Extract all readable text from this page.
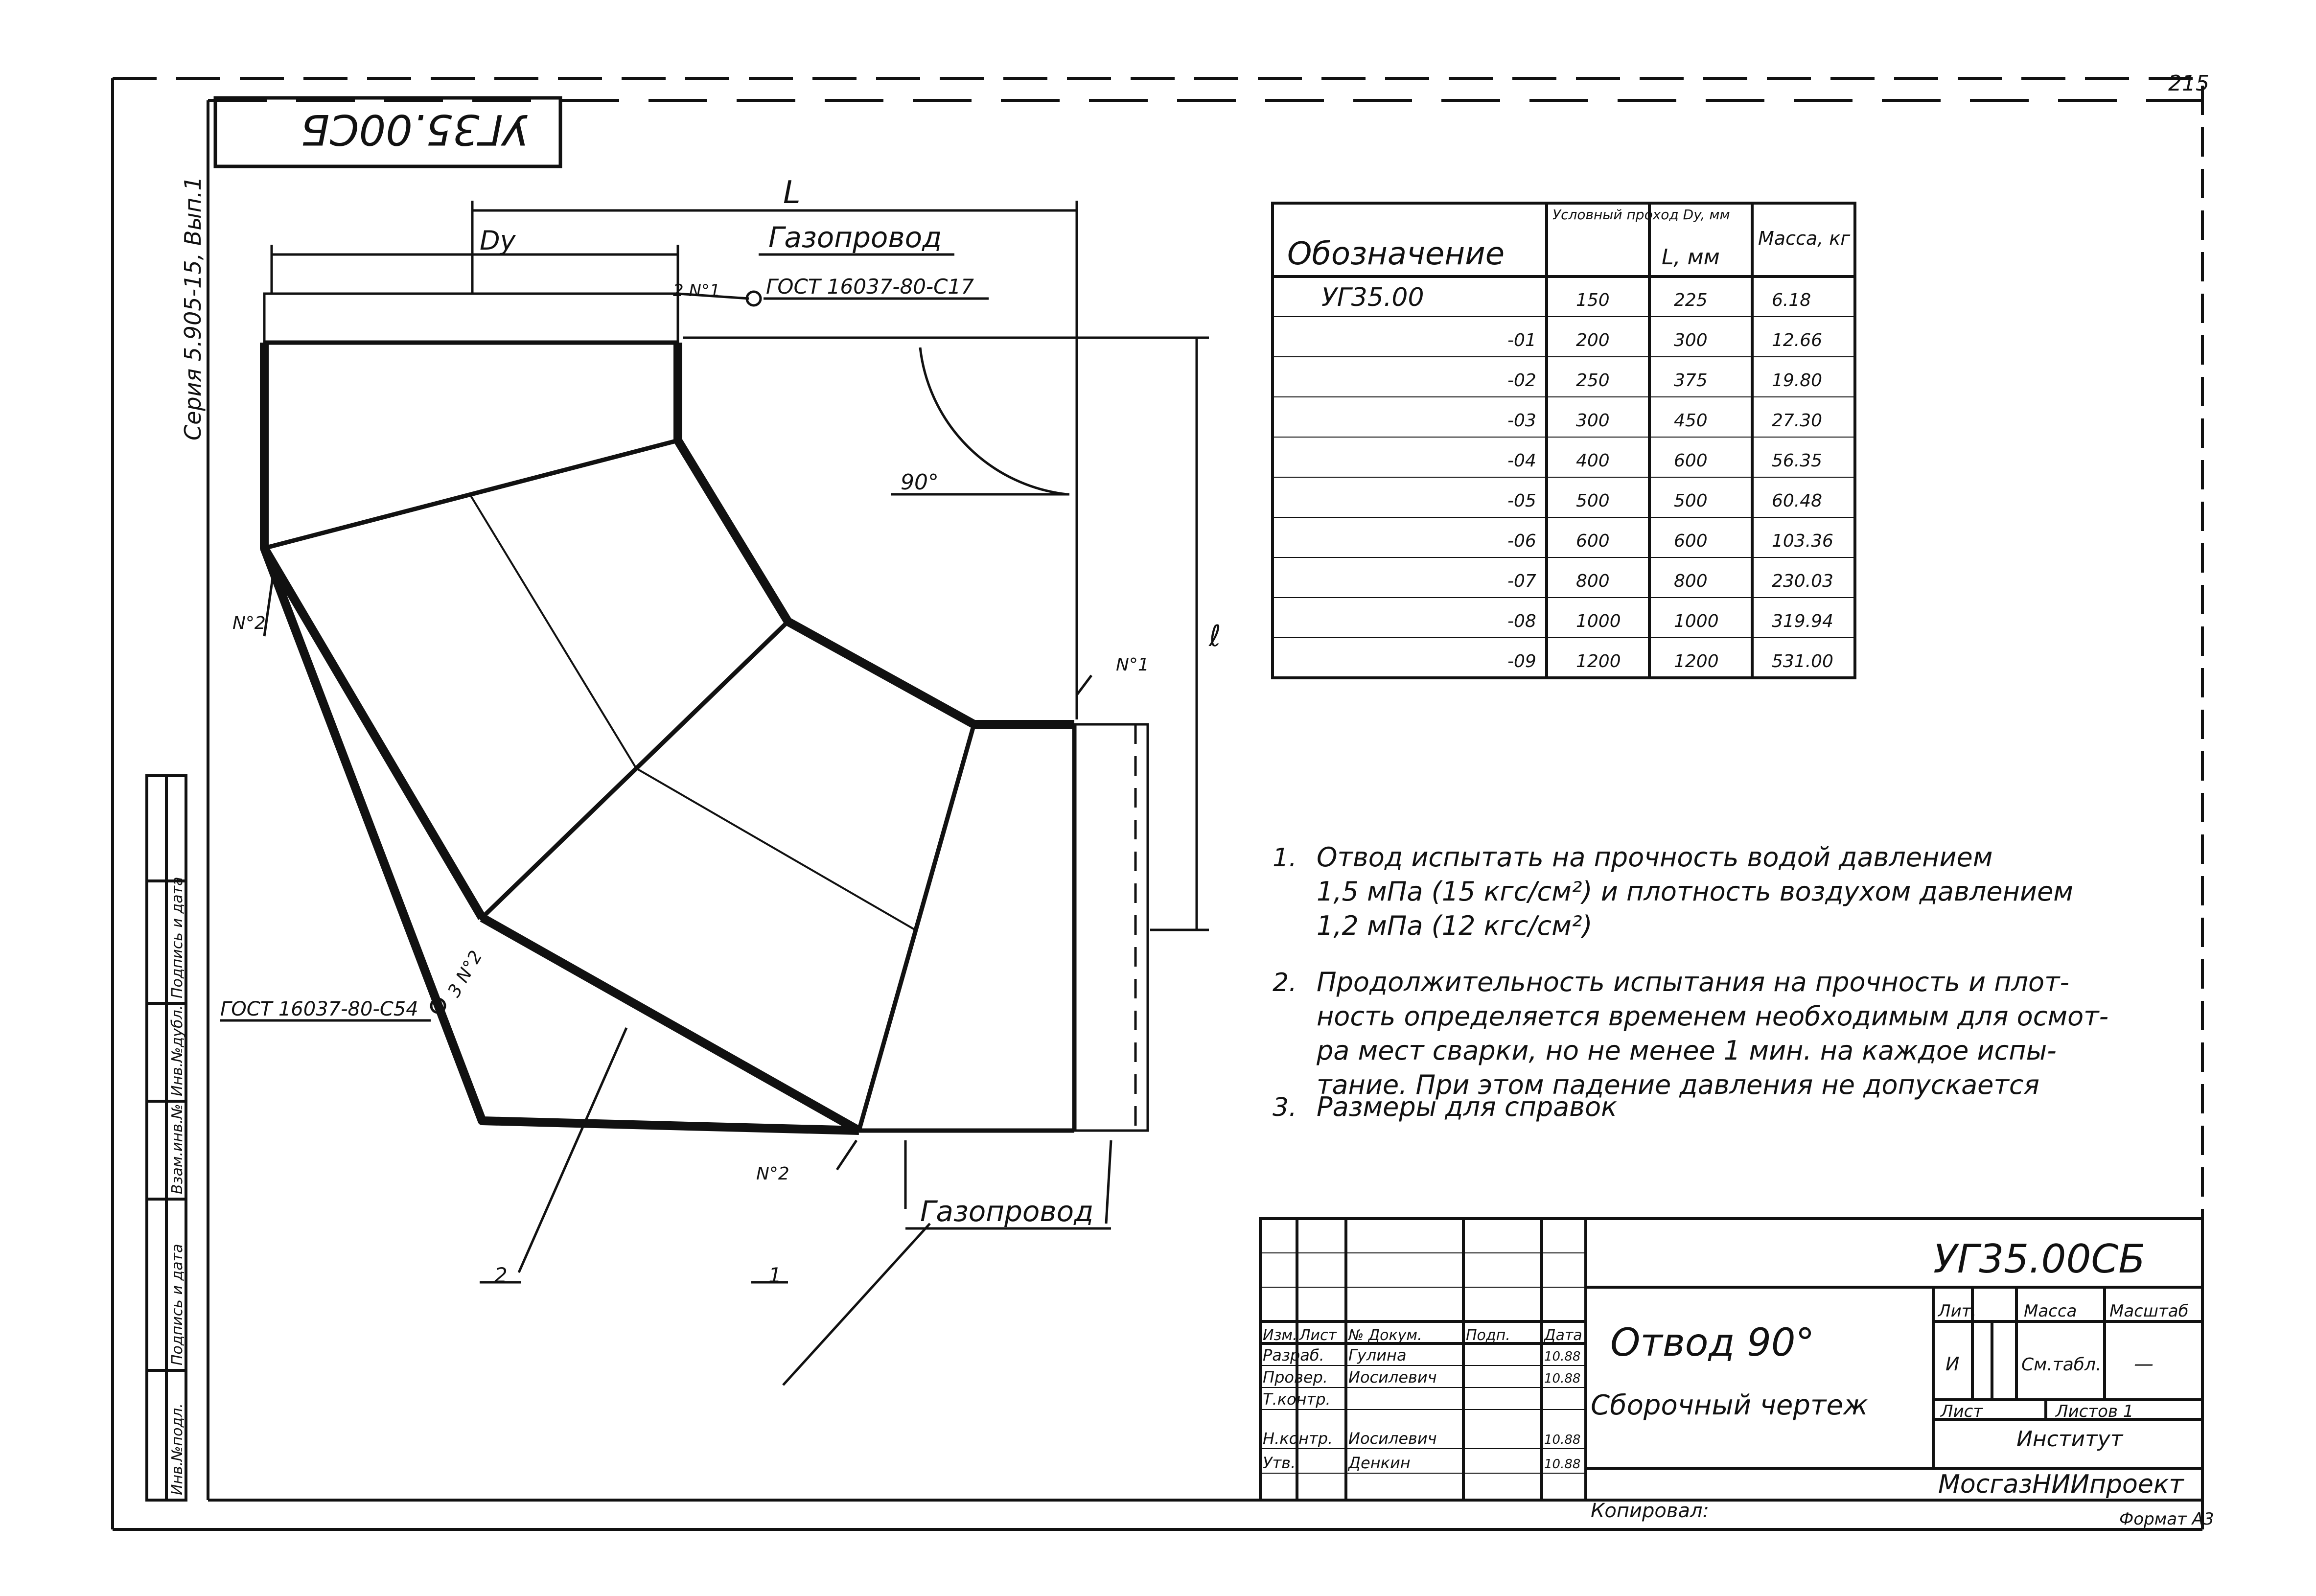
215
УГ35.00СБ
Серия 5.905-15, Вып.1
Инв.№подл.
Подпись и дата
Взам.инв.№
Инв.№дубл.
Подпись и дата
L
Dy
ℓ
Газопровод
2 N°1 ГОСТ 16037-80-С17
90°
N°1
N°2
N°2
3 N°2
ГОСТ 16037-80-С54
2	1
Газопровод
Обозначение
Условный проход Dy, мм
L, мм
Масса, кг
УГ35.00	150	225	6.18
-01 200	300	12.66
-02 250	375	19.80
-03 300	450	27.30
-04 400	600	56.35
-05 500	500	60.48
-06 600	600	103.36
-07 800	800	230.03
-08 1000	1000	319.94
-09 1200	1200	531.00
1. Отвод испытать на прочность водой давлением
1,5 мПа (15 кгс/см²) и плотность воздухом давлением
1,2 мПа (12 кгс/см²)
2. Продолжительность испытания на прочность и плот-
ность определяется временем необходимым для осмот-
ра мест сварки, но не менее 1 мин. на каждое испы-
тание. При этом падение давления не допускается
3. Размеры для справок
УГ35.00СБ
Отвод 90°
Сборочный чертеж
Изм. Лист № Докум.	Подп. Дата
Разраб. Гулина	10.88
Провер. Иосилевич	10.88
Т.контр.
Н.контр. Иосилевич	10.88
Утв.	Денкин	10.88
Лит.	Масса Масштаб
И	См.табл. —
Лист	Листов 1
Институт
МосгазНИИпроект
Копировал:	Формат А3
